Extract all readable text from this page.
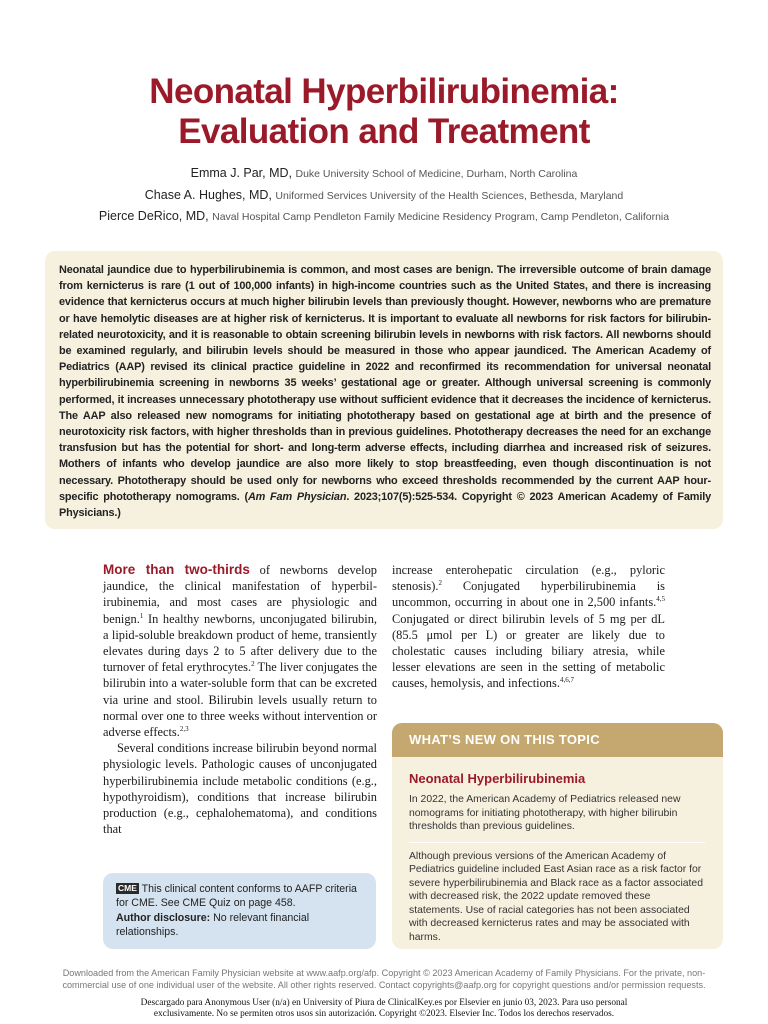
Neonatal Hyperbilirubinemia:
Evaluation and Treatment
Emma J. Par, MD, Duke University School of Medicine, Durham, North Carolina
Chase A. Hughes, MD, Uniformed Services University of the Health Sciences, Bethesda, Maryland
Pierce DeRico, MD, Naval Hospital Camp Pendleton Family Medicine Residency Program, Camp Pendleton, California

Neonatal jaundice due to hyperbilirubinemia is common, and most cases are benign. The irreversible outcome of brain damage from kernicterus is rare (1 out of 100,000 infants) in high-income countries such as the United States, and there is increasing evidence that kernicterus occurs at much higher bilirubin levels than previously thought. However, newborns who are premature or have hemolytic diseases are at higher risk of kernicterus. It is important to evaluate all newborns for risk factors for bilirubin-related neurotoxicity, and it is reasonable to obtain screening bilirubin levels in newborns with risk factors. All newborns should be examined regularly, and bilirubin levels should be measured in those who appear jaundiced. The American Academy of Pediatrics (AAP) revised its clinical practice guideline in 2022 and reconfirmed its recommendation for universal neonatal hyperbilirubinemia screening in newborns 35 weeks’ gestational age or greater. Although universal screening is commonly performed, it increases unnecessary phototherapy use without sufficient evidence that it decreases the incidence of kernicterus. The AAP also released new nomograms for initiating phototherapy based on gestational age at birth and the presence of neurotoxicity risk factors, with higher thresholds than in previous guidelines. Phototherapy decreases the need for an exchange transfusion but has the potential for short- and long-term adverse effects, including diarrhea and increased risk of seizures. Mothers of infants who develop jaundice are also more likely to stop breastfeeding, even though discontinuation is not necessary. Phototherapy should be used only for newborns who exceed thresholds recommended by the current AAP hour-specific phototherapy nomograms. (Am Fam Physician. 2023;107(5):525-534. Copyright © 2023 American Academy of Family Physicians.)

More than two-thirds of newborns develop jaundice, the clinical manifestation of hyperbilirubinemia, and most cases are physiologic and benign.$^1$ In healthy newborns, unconjugated bilirubin, a lipid-soluble breakdown product of heme, transiently elevates during days 2 to 5 after delivery due to the turnover of fetal erythrocytes.$^2$ The liver conjugates the bilirubin into a water-soluble form that can be excreted via urine and stool. Bilirubin levels usually return to normal over one to three weeks without intervention or adverse effects.$^{2,3}$

Several conditions increase bilirubin beyond normal physiologic levels. Pathologic causes of unconjugated hyperbilirubinemia include metabolic conditions (e.g., hypothyroidism), conditions that increase bilirubin production (e.g., cephalohematoma), and conditions that

increase enterohepatic circulation (e.g., pyloric stenosis).$^2$ Conjugated hyperbilirubinemia is uncommon, occurring in about one in 2,500 infants.$^{4,5}$ Conjugated or direct bilirubin levels of 5 mg per dL (85.5 μmol per L) or greater are likely due to cholestatic causes including biliary atresia, while lesser elevations are seen in the setting of metabolic causes, hemolysis, and infections.$^{4,6,7}$

CME This clinical content conforms to AAFP criteria for CME. See CME Quiz on page 458.

Author disclosure: No relevant financial relationships.

WHAT’S NEW ON THIS TOPIC
Neonatal Hyperbilirubinemia

In 2022, the American Academy of Pediatrics released new nomograms for initiating phototherapy, with higher bilirubin thresholds than previous guidelines.

Although previous versions of the American Academy of Pediatrics guideline included East Asian race as a risk factor for severe hyperbilirubinemia and Black race as a factor associated with decreased risk, the 2022 update removed these statements. Use of racial categories has not been associated with decreased kernicterus rates and may be associated with harms.

Downloaded from the American Family Physician website at www.aafp.org/afp. Copyright © 2023 American Academy of Family Physicians. For the private, non-
commercial use of one individual user of the website. All other rights reserved. Contact copyrights@aafp.org for copyright questions and/or permission requests.
Descargado para Anonymous User (n/a) en University of Piura de ClinicalKey.es por Elsevier en junio 03, 2023. Para uso personal
exclusivamente. No se permiten otros usos sin autorización. Copyright ©2023. Elsevier Inc. Todos los derechos reservados.
